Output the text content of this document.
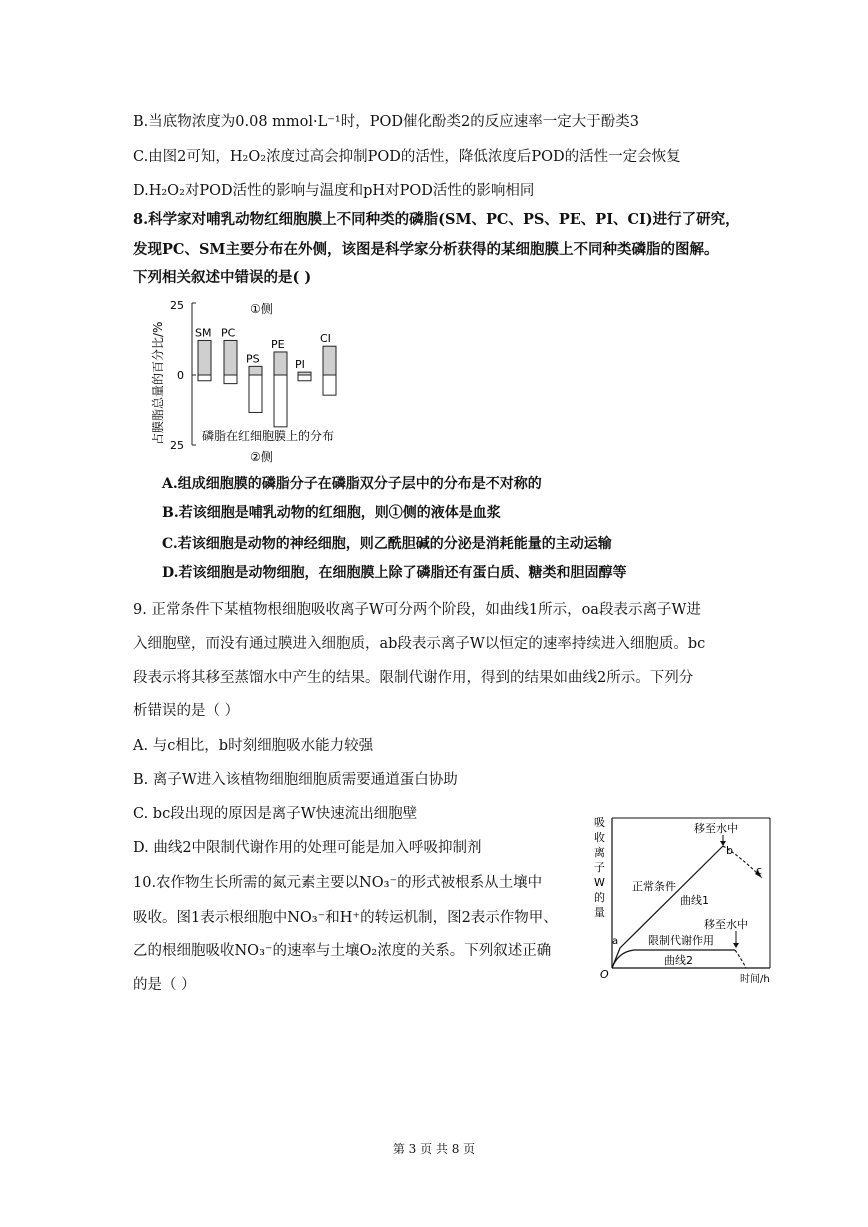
B.当底物浓度为0.08 mmol·L⁻¹时，POD催化酚类2的反应速率一定大于酚类3
C.由图2可知，H₂O₂浓度过高会抑制POD的活性，降低浓度后POD的活性一定会恢复
D.H₂O₂对POD活性的影响与温度和pH对POD活性的影响相同
8.科学家对哺乳动物红细胞膜上不同种类的磷脂(SM、PC、PS、PE、PI、CI)进行了研究，
发现PC、SM主要分布在外侧，该图是科学家分析获得的某细胞膜上不同种类磷脂的图解。
下列相关叙述中错误的是( )
占膜脂总量的百分比/%
25
0
25
①侧
磷脂在红细胞膜上的分布
②侧
SM PC
PS
PE
PI
CI
A.组成细胞膜的磷脂分子在磷脂双分子层中的分布是不对称的
B.若该细胞是哺乳动物的红细胞，则①侧的液体是血浆
C.若该细胞是动物的神经细胞，则乙酰胆碱的分泌是消耗能量的主动运输
D.若该细胞是动物细胞，在细胞膜上除了磷脂还有蛋白质、糖类和胆固醇等
9. 正常条件下某植物根细胞吸收离子W可分两个阶段，如曲线1所示，oa段表示离子W进
入细胞壁，而没有通过膜进入细胞质，ab段表示离子W以恒定的速率持续进入细胞质。bc
段表示将其移至蒸馏水中产生的结果。限制代谢作用，得到的结果如曲线2所示。下列分
析错误的是（ ）
A. 与c相比，b时刻细胞吸水能力较强
B. 离子W进入该植物细胞细胞质需要通道蛋白协助
C. bc段出现的原因是离子W快速流出细胞壁
D. 曲线2中限制代谢作用的处理可能是加入呼吸抑制剂
吸
收
离
子
W
的
量
O	时间/h
a
b
c
移至水中
正常条件
曲线1
移至水中
限制代谢作用
曲线2
10.农作物生长所需的氮元素主要以NO₃⁻的形式被根系从土壤中
吸收。图1表示根细胞中NO₃⁻和H⁺的转运机制，图2表示作物甲、
乙的根细胞吸收NO₃⁻的速率与土壤O₂浓度的关系。下列叙述正确
的是（ ）
第 3 页 共 8 页
